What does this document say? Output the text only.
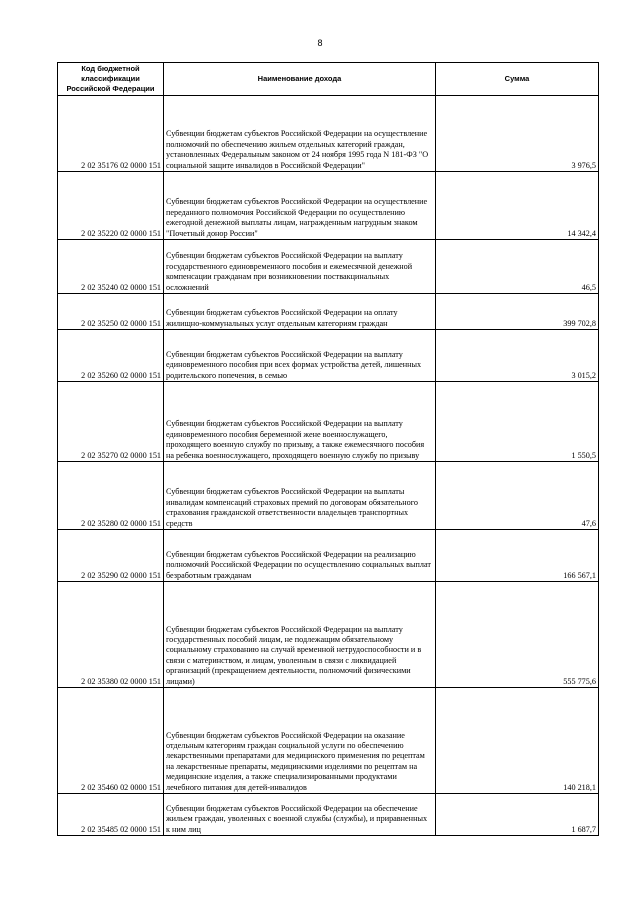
8
Код бюджетной классификации Российской Федерации	Наименование дохода	Сумма
2 02 35176 02 0000 151	Субвенции бюджетам субъектов Российской Федерации на осуществление полномочий по обеспечению жильем отдельных категорий граждан, установленных Федеральным законом от 24 ноября 1995 года N 181-ФЗ "О социальной защите инвалидов в Российской Федерации"	3 976,5
2 02 35220 02 0000 151	Субвенции бюджетам субъектов Российской Федерации на осуществление переданного полномочия Российской Федерации по осуществлению ежегодной денежной выплаты лицам, награжденным нагрудным знаком "Почетный донор России"	14 342,4
2 02 35240 02 0000 151	Субвенции бюджетам субъектов Российской Федерации на выплату государственного единовременного пособия и ежемесячной денежной компенсации гражданам при возникновении поствакцинальных осложнений	46,5
2 02 35250 02 0000 151	Субвенции бюджетам субъектов Российской Федерации на оплату жилищно-коммунальных услуг отдельным категориям граждан	399 702,8
2 02 35260 02 0000 151	Субвенции бюджетам субъектов Российской Федерации на выплату единовременного пособия при всех формах устройства детей, лишенных родительского попечения, в семью	3 015,2
2 02 35270 02 0000 151	Субвенции бюджетам субъектов Российской Федерации на выплату единовременного пособия беременной жене военнослужащего, проходящего военную службу по призыву, а также ежемесячного пособия на ребенка военнослужащего, проходящего военную службу по призыву	1 550,5
2 02 35280 02 0000 151	Субвенции бюджетам субъектов Российской Федерации на выплаты инвалидам компенсаций страховых премий по договорам обязательного страхования гражданской ответственности владельцев транспортных средств	47,6
2 02 35290 02 0000 151	Субвенции бюджетам субъектов Российской Федерации на реализацию полномочий Российской Федерации по осуществлению социальных выплат безработным гражданам	166 567,1
2 02 35380 02 0000 151	Субвенции бюджетам субъектов Российской Федерации на выплату государственных пособий лицам, не подлежащим обязательному социальному страхованию на случай временной нетрудоспособности и в связи с материнством, и лицам, уволенным в связи с ликвидацией организаций (прекращением деятельности, полномочий физическими лицами)	555 775,6
2 02 35460 02 0000 151	Субвенции бюджетам субъектов Российской Федерации на оказание отдельным категориям граждан социальной услуги по обеспечению лекарственными препаратами для медицинского применения по рецептам на лекарственные препараты, медицинскими изделиями по рецептам на медицинские изделия, а также специализированными продуктами лечебного питания для детей-инвалидов	140 218,1
2 02 35485 02 0000 151	Субвенции бюджетам субъектов Российской Федерации на обеспечение жильем граждан, уволенных с военной службы (службы), и приравненных к ним лиц	1 687,7
